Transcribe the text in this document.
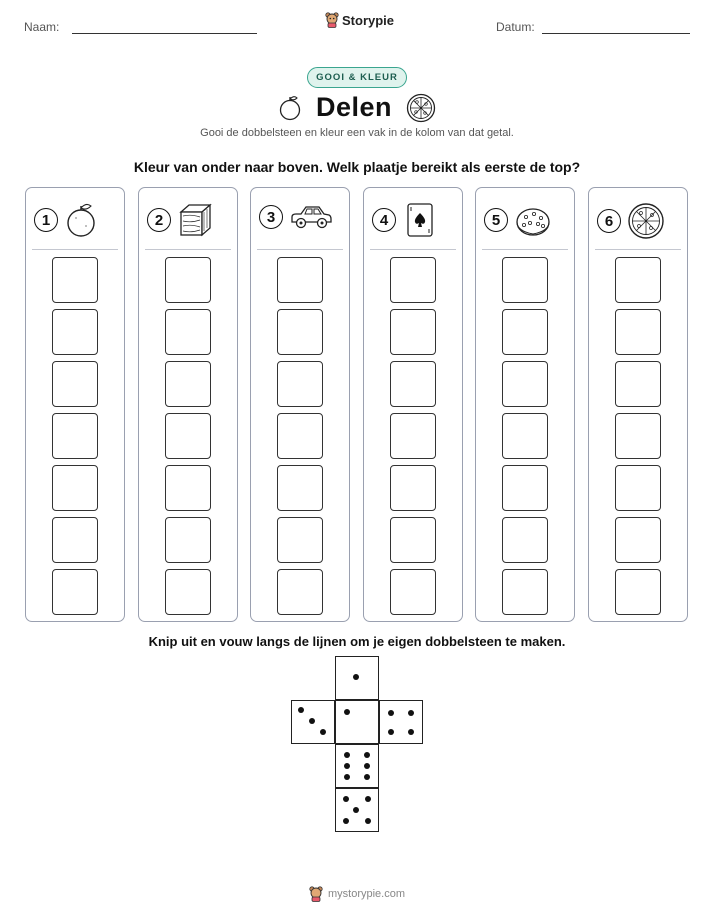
Naam:	Storypie	Datum:
GOOI & KLEUR
Delen
Gooi de dobbelsteen en kleur een vak in de kolom van dat getal.
Kleur van onder naar boven. Welk plaatje bereikt als eerste de top?
1	2	3	4	5	6
Knip uit en vouw langs de lijnen om je eigen dobbelsteen te maken.
mystorypie.com
